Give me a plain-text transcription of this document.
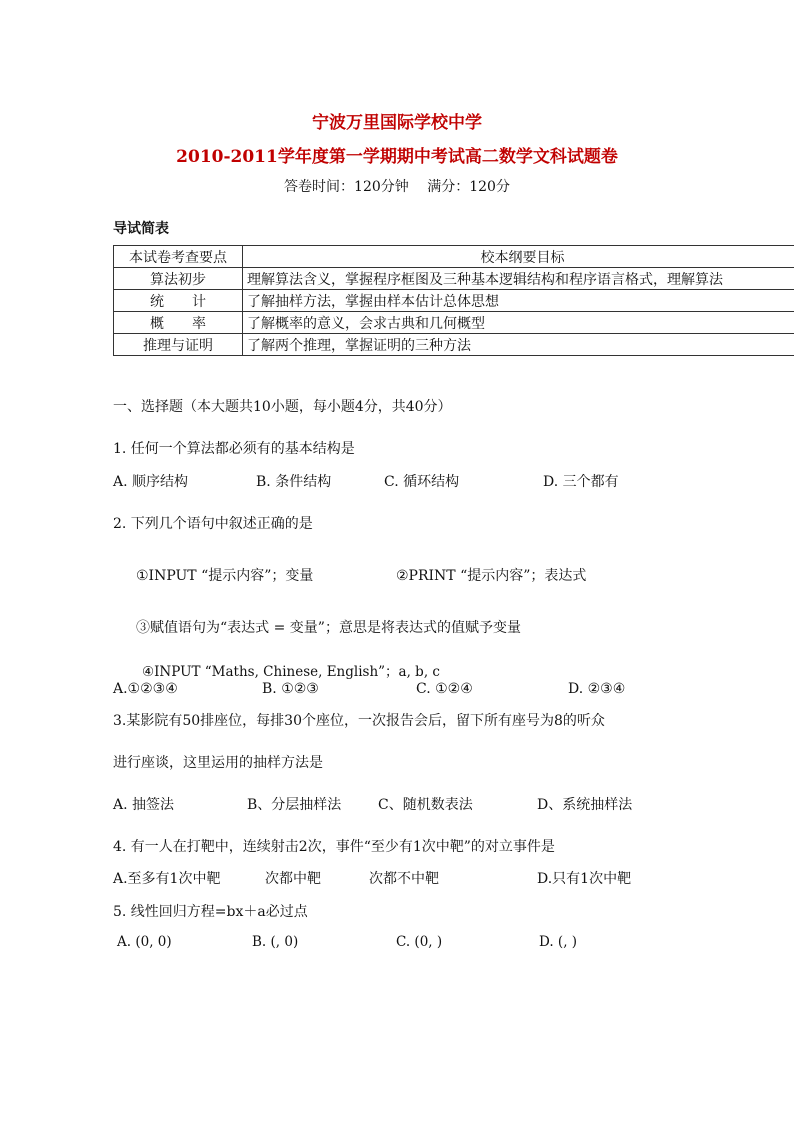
宁波万里国际学校中学
2010-2011学年度第一学期期中考试高二数学文科试题卷
答卷时间：120分钟　 满分：120分
导试简表
本试卷考查要点	校本纲要目标
算法初步	理解算法含义，掌握程序框图及三种基本逻辑结构和程序语言格式，理解算法
统　　计	了解抽样方法，掌握由样本估计总体思想
概　　率	了解概率的意义，会求古典和几何概型
推理与证明	了解两个推理，掌握证明的三种方法
一、选择题（本大题共10小题，每小题4分，共40分）
1. 任何一个算法都必须有的基本结构是
A. 顺序结构	B. 条件结构	C. 循环结构	D. 三个都有
2. 下列几个语句中叙述正确的是
①INPUT “提示内容”；变量	②PRINT “提示内容”；表达式
③赋值语句为“表达式 = 变量”；意思是将表达式的值赋予变量
④INPUT “Maths, Chinese, English”；a, b, c
A.①②③④	B. ①②③	C. ①②④	D. ②③④
3.某影院有50排座位，每排30个座位，一次报告会后，留下所有座号为8的听众
进行座谈，这里运用的抽样方法是
A. 抽签法	B、分层抽样法	C、随机数表法	D、系统抽样法
4. 有一人在打靶中，连续射击2次，事件“至少有1次中靶”的对立事件是
A.至多有1次中靶	次都中靶	次都不中靶	D.只有1次中靶
5. 线性回归方程=bx＋a必过点
A. (0, 0)	B. (, 0)	C. (0, )	D. (, )
